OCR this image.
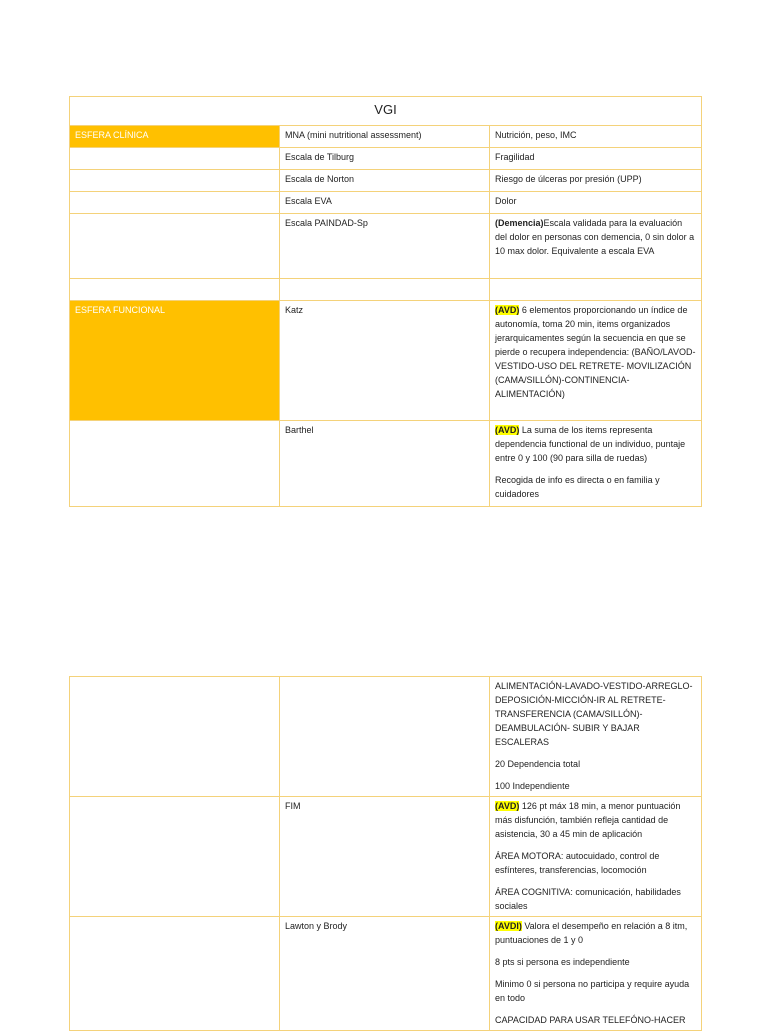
VGI		
ESFERA CLÍNICA	MNA (mini nutritional assessment)	Nutrición, peso, IMC
	Escala de Tilburg	Fragilidad
	Escala de Norton	Riesgo de úlceras por presión (UPP)
	Escala EVA	Dolor
	Escala PAINDAD-Sp	(Demencia)Escala validada para la evaluación del dolor en personas con demencia, 0 sin dolor a 10 max dolor. Equivalente a escala EVA

ESFERA FUNCIONAL	Katz	(AVD) 6 elementos proporcionando un índice de autonomía, toma 20 min, items organizados jerarquicamentes según la secuencia en que se pierde o recupera independencia: (BAÑO/LAVOD-VESTIDO-USO DEL RETRETE- MOVILIZACIÓN (CAMA/SILLÓN)-CONTINENCIA-ALIMENTACIÓN)
	Barthel	(AVD) La suma de los items representa dependencia functional de un individuo, puntaje entre 0 y 100 (90 para silla de ruedas)

Recogida de info es directa o en familia y cuidadores

		ALIMENTACIÓN-LAVADO-VESTIDO-ARREGLO-DEPOSICIÓN-MICCIÓN-IR AL RETRETE-TRANSFERENCIA (CAMA/SILLÓN)-DEAMBULACIÓN- SUBIR Y BAJAR ESCALERAS

20 Dependencia total

100 Independiente

	FIM	(AVD) 126 pt máx 18 min, a menor puntuación más disfunción, también refleja cantidad de asistencia, 30 a 45 min de aplicación

ÁREA MOTORA: autocuidado, control de esfínteres, transferencias, locomoción

ÁREA COGNITIVA: comunicación, habilidades sociales

	Lawton y Brody	(AVDI) Valora el desempeño en relación a 8 itm, puntuaciones de 1 y 0

8 pts si persona es independiente

Minimo 0 si persona no participa y require ayuda en todo

CAPACIDAD PARA USAR TELEFÓNO-HACER
